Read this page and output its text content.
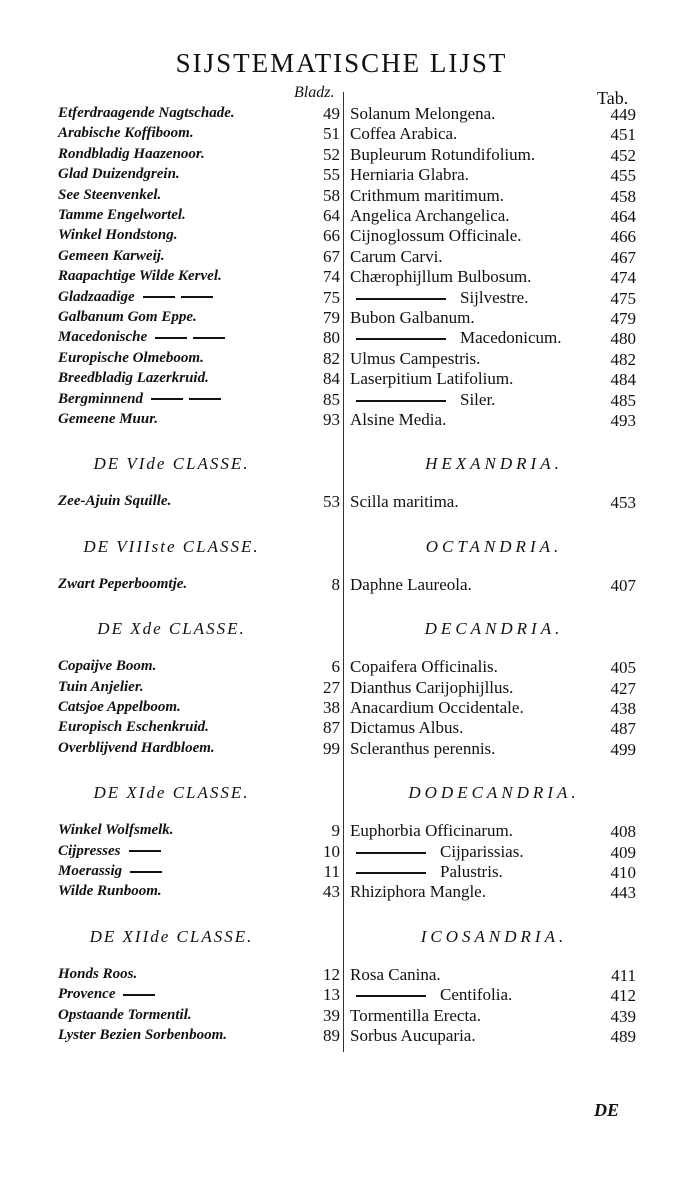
SIJSTEMATISCHE LIJST
Bladz.	Tab.
Etferdraagende Nagtschade.	49 Solanum Melongena.	449
Arabische Koffiboom.	51 Coffea Arabica.	451
Rondbladig Haazenoor.	52 Bupleurum Rotundifolium.	452
Glad Duizendgrein.	55 Herniaria Glabra.	455
See Steenvenkel.	58 Crithmum maritimum.	458
Tamme Engelwortel.	64 Angelica Archangelica.	464
Winkel Hondstong.	66 Cijnoglossum Officinale.	466
Gemeen Karweij.	67 Carum Carvi.	467
Raapachtige Wilde Kervel.	74 Chærophijllum Bulbosum.	474
Gladzaadige	75	Sijlvestre.	475
Galbanum Gom Eppe.	79 Bubon Galbanum.	479
Macedonische	80	Macedonicum.	480
Europische Olmeboom.	82 Ulmus Campestris.	482
Breedbladig Lazerkruid.	84 Laserpitium Latifolium.	484
Bergminnend	85	Siler.	485
Gemeene Muur.	93 Alsine Media.	493
DE VIde CLASSE.	HEXANDRIA.
Zee-Ajuin Squille.	53 Scilla maritima.	453
DE VIIIste CLASSE.	OCTANDRIA.
Zwart Peperboomtje.	8 Daphne Laureola.	407
DE Xde CLASSE.	DECANDRIA.
Copaijve Boom.	6 Copaifera Officinalis.	405
Tuin Anjelier.	27 Dianthus Carijophijllus.	427
Catsjoe Appelboom.	38 Anacardium Occidentale.	438
Europisch Eschenkruid.	87 Dictamus Albus.	487
Overblijvend Hardbloem.	99 Scleranthus perennis.	499
DE XIde CLASSE.	DODECANDRIA.
Winkel Wolfsmelk.	9 Euphorbia Officinarum.	408
Cijpresses	10	Cijparissias.	409
Moerassig	11	Palustris.	410
Wilde Runboom.	43 Rhiziphora Mangle.	443
DE XIIde CLASSE.	ICOSANDRIA.
Honds Roos.	12 Rosa Canina.	411
Provence	13	Centifolia.	412
Opstaande Tormentil.	39 Tormentilla Erecta.	439
Lyster Bezien Sorbenboom.	89 Sorbus Aucuparia.	489
DE
